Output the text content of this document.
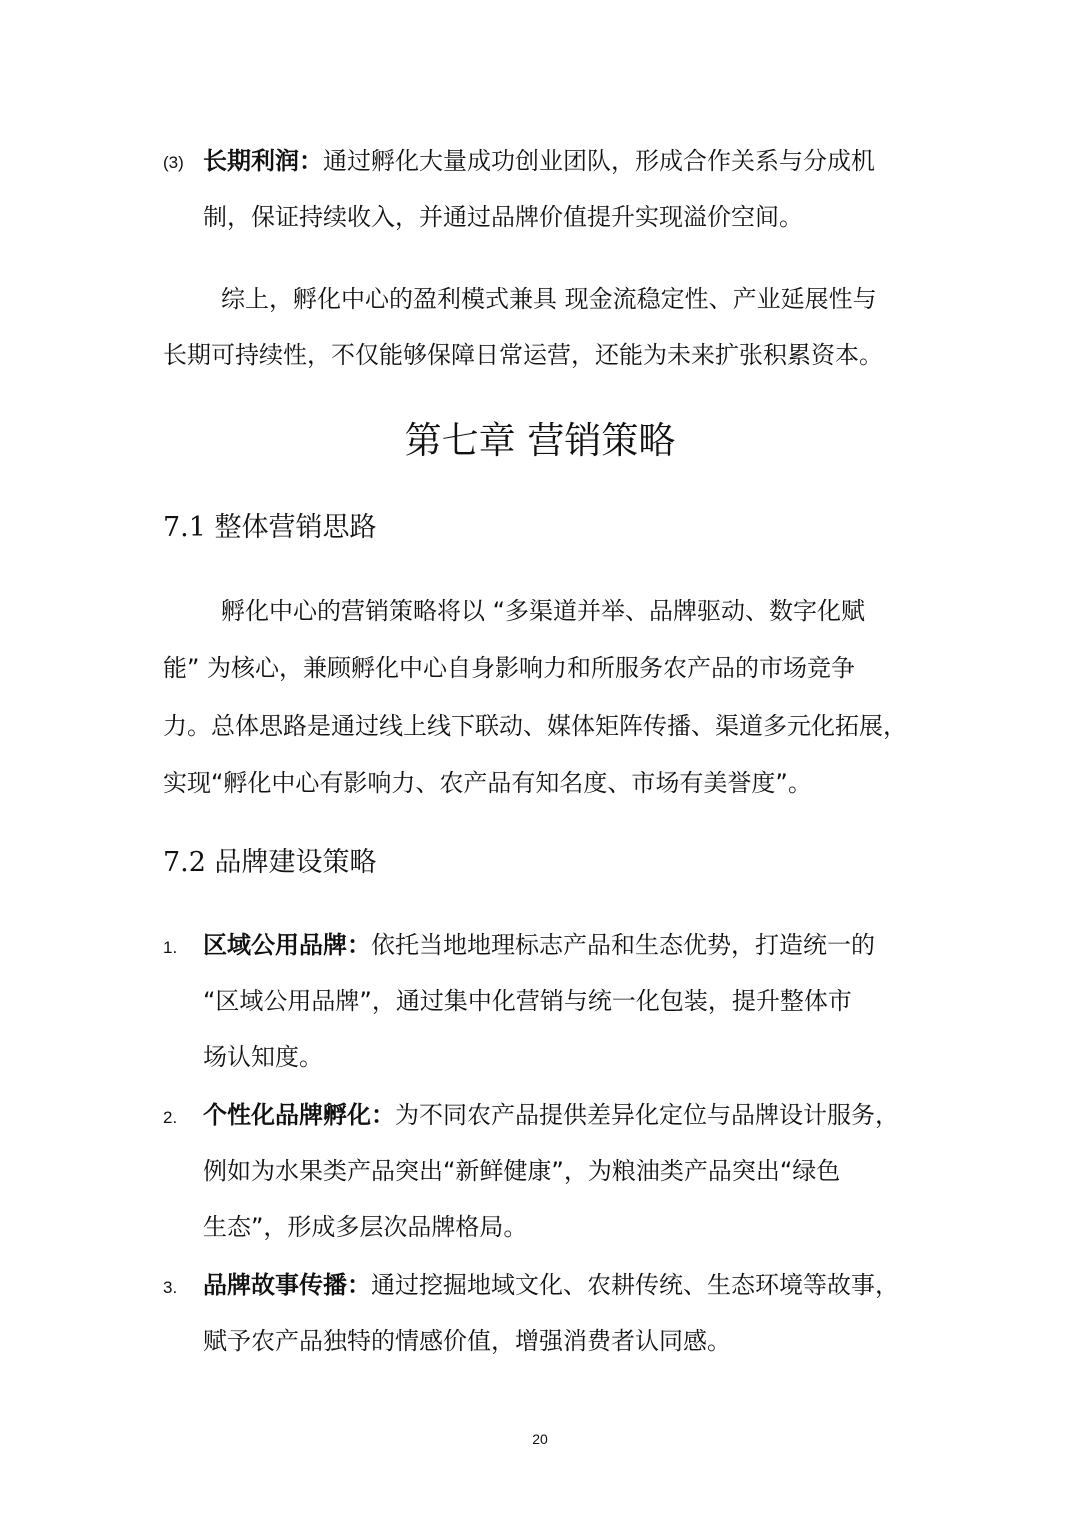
(3) 长期利润：通过孵化大量成功创业团队，形成合作关系与分成机
制，保证持续收入，并通过品牌价值提升实现溢价空间。
综上，孵化中心的盈利模式兼具 现金流稳定性、产业延展性与
长期可持续性，不仅能够保障日常运营，还能为未来扩张积累资本。
第七章 营销策略
7.1 整体营销思路
孵化中心的营销策略将以 “多渠道并举、品牌驱动、数字化赋
能” 为核心，兼顾孵化中心自身影响力和所服务农产品的市场竞争
力。总体思路是通过线上线下联动、媒体矩阵传播、渠道多元化拓展，
实现“孵化中心有影响力、农产品有知名度、市场有美誉度”。
7.2 品牌建设策略
1. 区域公用品牌：依托当地地理标志产品和生态优势，打造统一的
“区域公用品牌”，通过集中化营销与统一化包装，提升整体市
场认知度。
2. 个性化品牌孵化：为不同农产品提供差异化定位与品牌设计服务，
例如为水果类产品突出“新鲜健康”，为粮油类产品突出“绿色
生态”，形成多层次品牌格局。
3. 品牌故事传播：通过挖掘地域文化、农耕传统、生态环境等故事，
赋予农产品独特的情感价值，增强消费者认同感。
20
